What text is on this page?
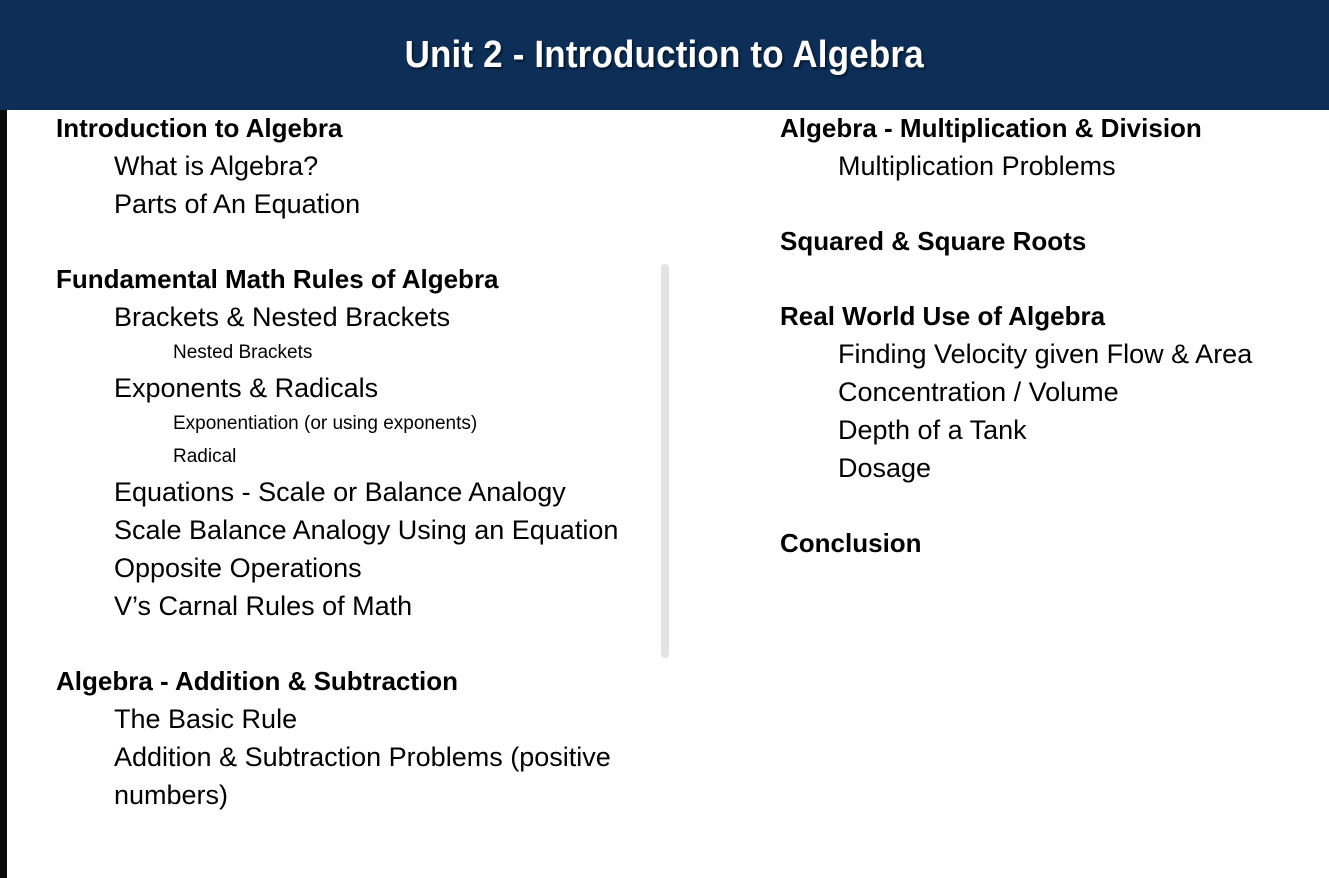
Unit 2 - Introduction to Algebra
Introduction to Algebra
What is Algebra?
Parts of An Equation
Fundamental Math Rules of Algebra
Brackets & Nested Brackets
Nested Brackets
Exponents & Radicals
Exponentiation (or using exponents)
Radical
Equations - Scale or Balance Analogy
Scale Balance Analogy Using an Equation
Opposite Operations
V’s Carnal Rules of Math
Algebra - Addition & Subtraction
The Basic Rule
Addition & Subtraction Problems (positive numbers)
Algebra - Multiplication & Division
Multiplication Problems
Squared & Square Roots
Real World Use of Algebra
Finding Velocity given Flow & Area
Concentration / Volume
Depth of a Tank
Dosage
Conclusion
